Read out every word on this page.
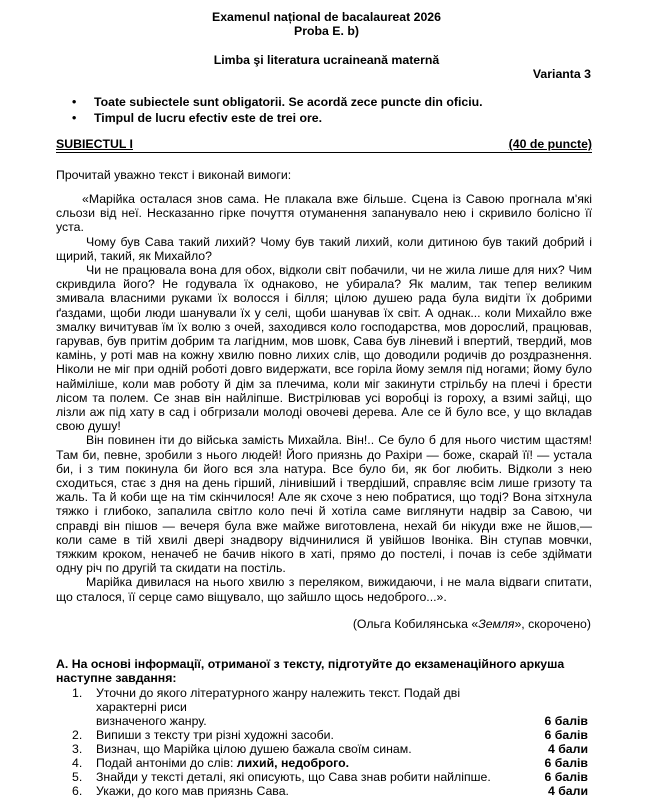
Examenul național de bacalaureat 2026
Proba E. b)
Limba şi literatura ucraineană maternă
Varianta 3
•	Toate subiectele sunt obligatorii. Se acordă zece puncte din oficiu.
•	Timpul de lucru efectiv este de trei ore.
SUBIECTUL I	(40 de puncte)
Прочитай уважно текст і виконай вимоги:

«Марійка осталася знов сама. Не плакала вже більше. Сцена із Савою прогнала м'які сльози від неї. Несказанно гірке почуття отуманення запанувало нею і скривило болісно її уста.

Чому був Сава такий лихий? Чому був такий лихий, коли дитиною був такий добрий і щирий, такий, як Михайло?

Чи не працювала вона для обох, відколи світ побачили, чи не жила лише для них? Чим скривдила його? Не годувала їх однаково, не убирала? Як малим, так тепер великим змивала власними руками їх волосся і білля; цілою душею рада була видіти їх добрими ґаздами, щоби люди шанували їх у селі, щоби шанував їх світ. А однак... коли Михайло вже змалку вичитував їм їх волю з очей, заходився коло господарства, мов дорослий, працював, гарував, був притім добрим та лагідним, мов шовк, Сава був ліневий і впертий, твердий, мов камінь, у роті мав на кожну хвилю повно лихих слів, що доводили родичів до роздразнення. Ніколи не міг при одній роботі довго видержати, все горіла йому земля під ногами; йому було найміліше, коли мав роботу й дім за плечима, коли міг закинути стрільбу на плечі і брести лісом та полем. Се знав він найліпше. Вистрілював усі воробці із гороху, а взимі зайці, що лізли аж під хату в сад і обгризали молоді овочеві дерева. Але се й було все, у що вкладав свою душу!

Він повинен іти до війська замість Михайла. Він!.. Се було б для нього чистим щастям! Там би, певне, зробили з нього людей! Його приязнь до Рахіри — боже, скарай її! — устала би, і з тим покинула би його вся зла натура. Все було би, як бог любить. Відколи з нею сходиться, стає з дня на день гірший, лінивіший і твердіший, справляє всім лише гризоту та жаль. Та й коби ще на тім скінчилося! Але як схоче з нею побратися, що тоді? Вона зітхнула тяжко і глибоко, запалила світло коло печі й хотіла саме виглянути надвір за Савою, чи справді він пішов — вечеря була вже майже виготовлена, нехай би нікуди вже не йшов,— коли саме в тій хвилі двері знадвору відчинилися й увійшов Івоніка. Він ступав мовчки, тяжким кроком, неначеб не бачив нікого в хаті, прямо до постелі, і почав із себе здіймати одну річ по другій та скидати на постіль.

Марійка дивилася на нього хвилю з переляком, вижидаючи, і не мала відваги спитати, що сталося, її серце само віщувало, що зайшло щось недоброго...».

(Ольга Кобилянська «Земля», скорочено)
A. На основі інформації, отриманої з тексту, підготуйте до екзаменаційного аркуша наступне завдання:
1.	Уточни до якого літературного жанру належить текст. Подай дві характерні риси
визначеного жанру.	6 балів
2.	Випиши з тексту три різні художні засоби.	6 балів
3.	Визнач, що Марійка цілою душею бажала своїм синам.	4 бали
4.	Подай антоніми до слів: лихий, недоброго.	6 балів
5.	Знайди у тексті деталі, які описують, що Сава знав робити найліпше.	6 балів
6.	Укажи, до кого мав приязнь Сава.	4 бали
